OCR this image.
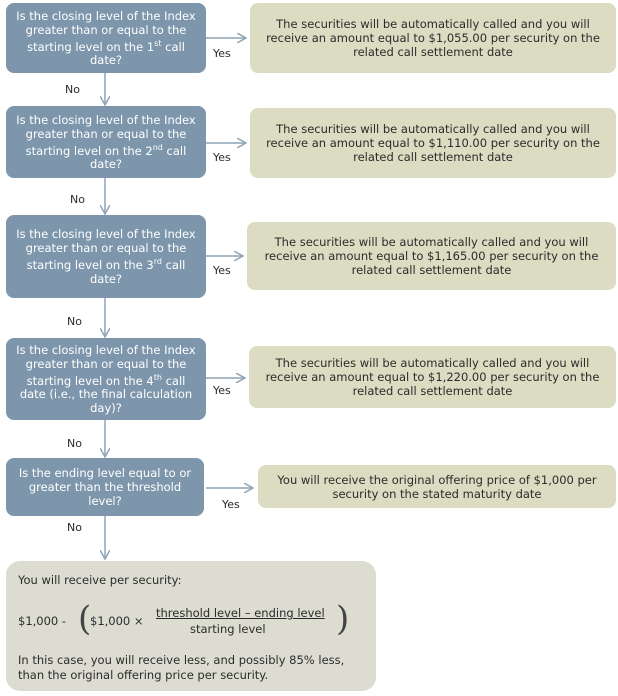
Is the closing level of the Index greater than or equal to the starting level on the 1st call date?	Yes
No
The securities will be automatically called and you will receive an amount equal to $1,055.00 per security on the related call settlement date
Is the closing level of the Index greater than or equal to the starting level on the 2nd call date?	Yes
No
The securities will be automatically called and you will receive an amount equal to $1,110.00 per security on the related call settlement date
Is the closing level of the Index greater than or equal to the starting level on the 3rd call date?
Yes
No
The securities will be automatically called and you will receive an amount equal to $1,165.00 per security on the related call settlement date
Is the closing level of the Index greater than or equal to the starting level on the 4th call date (i.e., the final calculation day)?
Yes
No
The securities will be automatically called and you will receive an amount equal to $1,220.00 per security on the related call settlement date
Is the ending level equal to or greater than the threshold level?	Yes
No
You will receive the original offering price of $1,000 per security on the stated maturity date
You will receive per security:
$1,000 - (
$1,000 ×
threshold level – ending level
starting level )
In this case, you will receive less, and possibly 85% less, than the original offering price per security.
